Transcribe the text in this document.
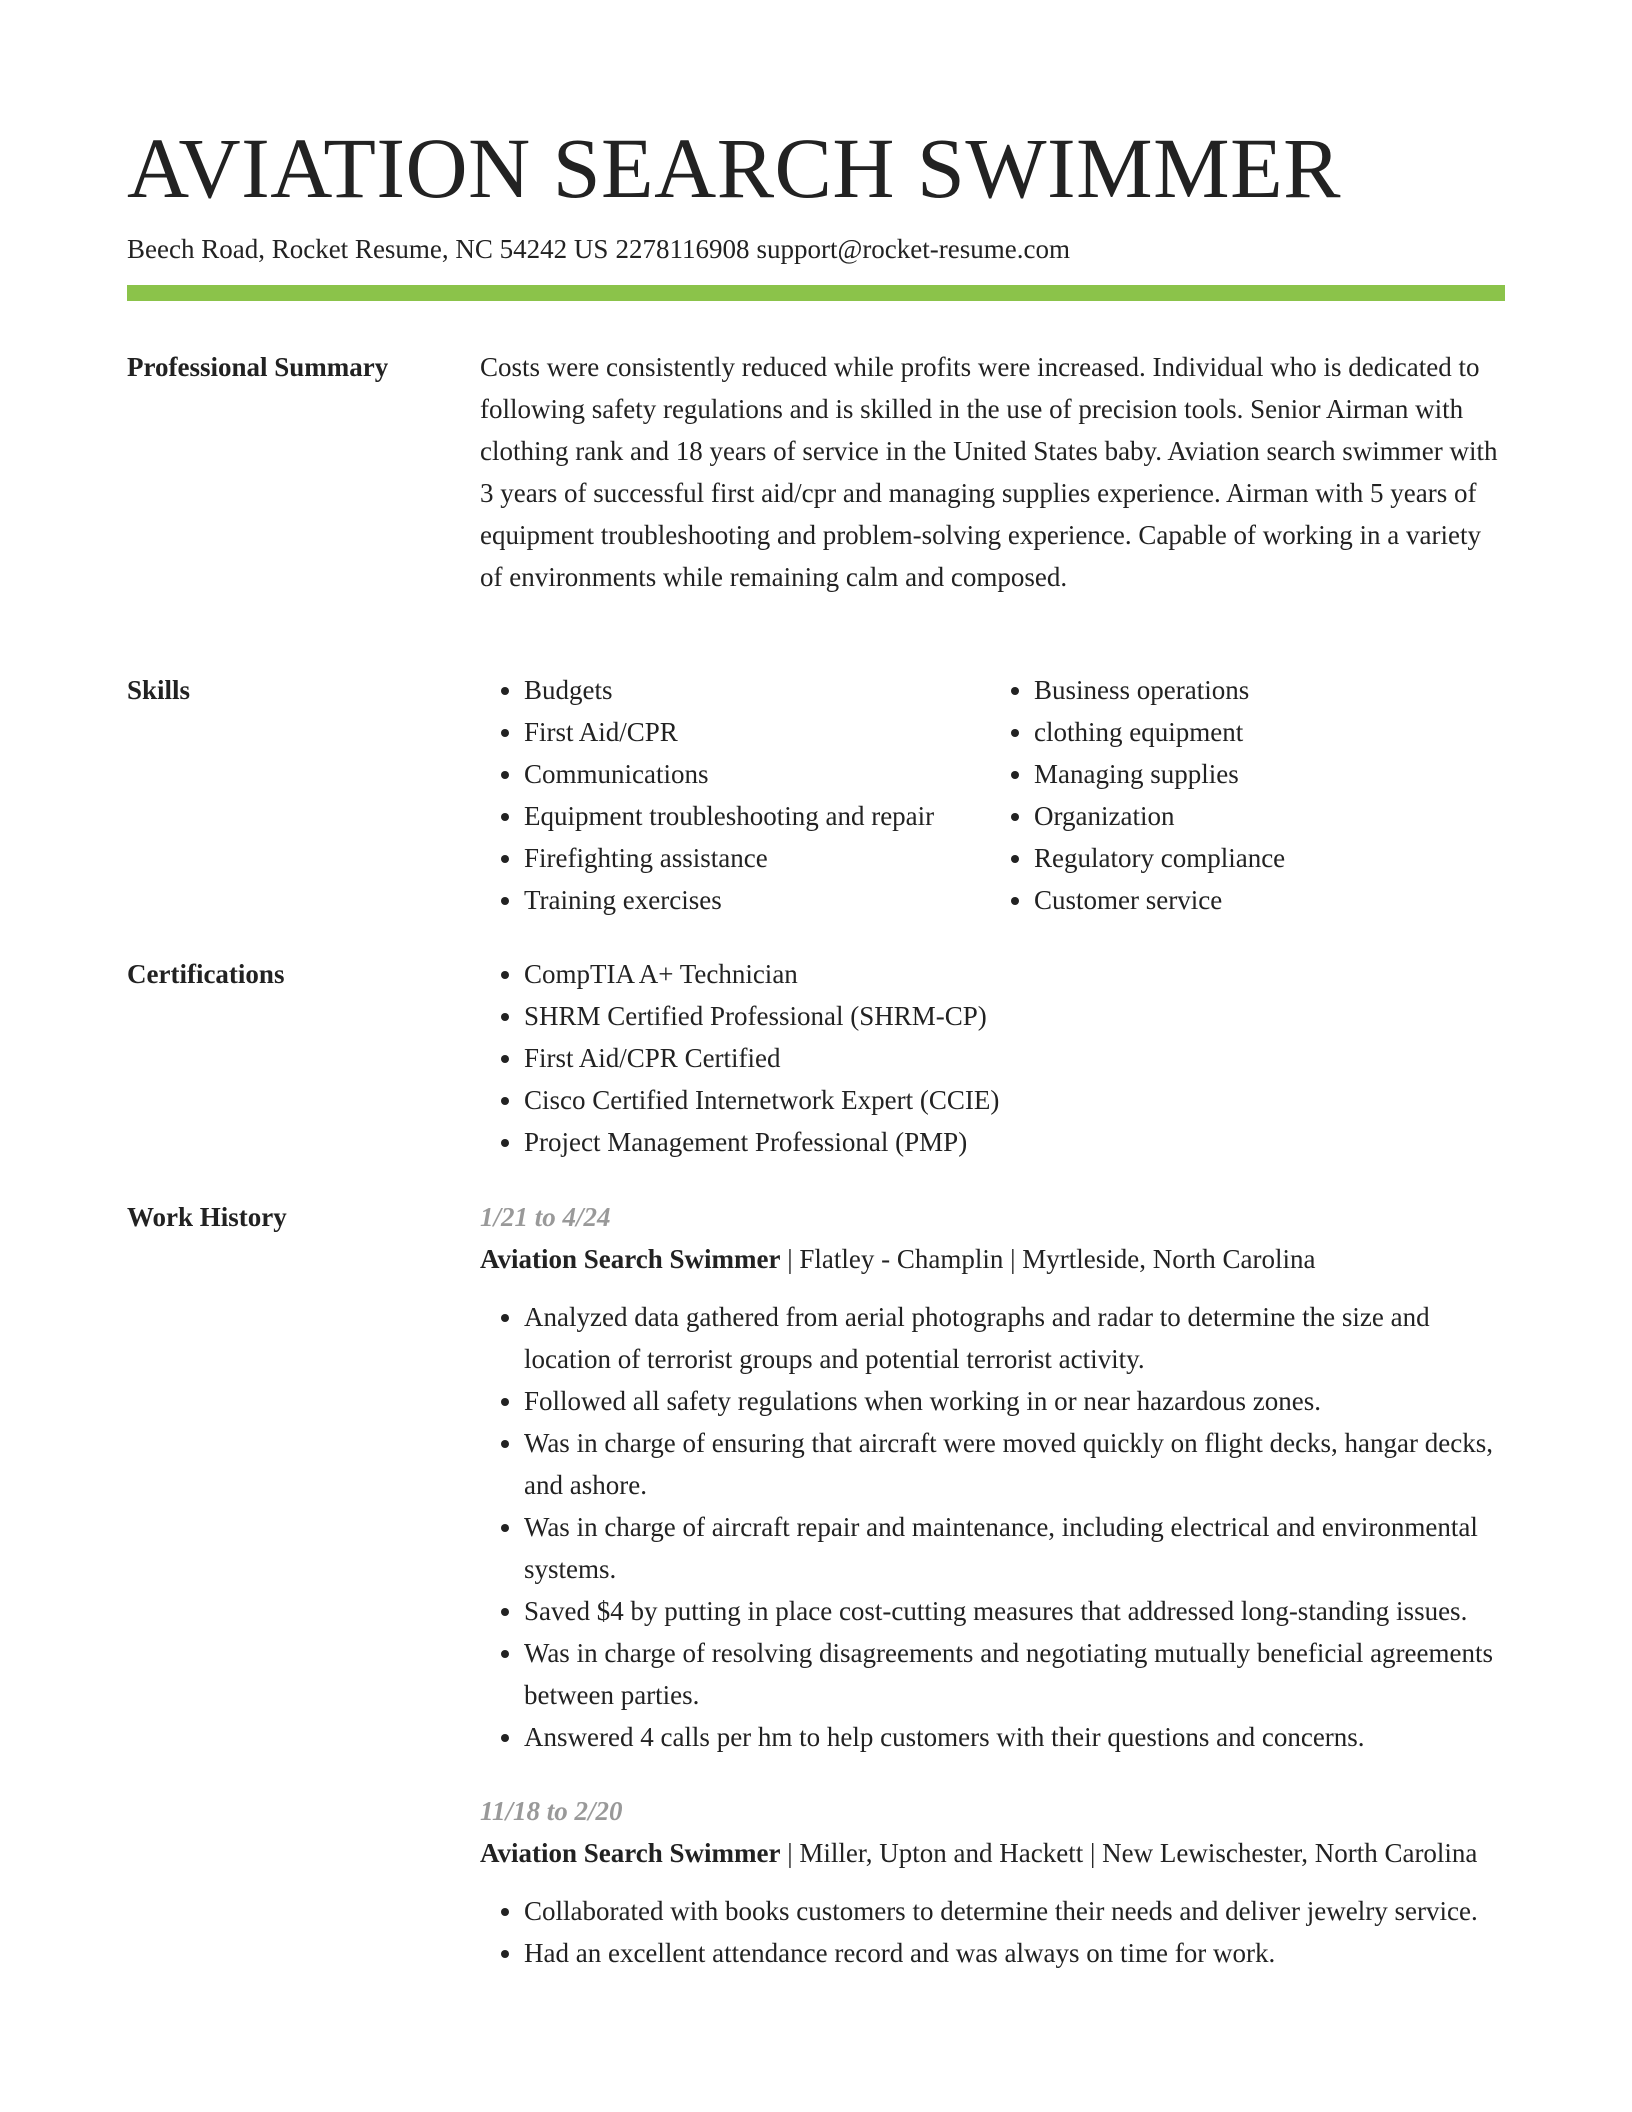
AVIATION SEARCH SWIMMER
Beech Road, Rocket Resume, NC 54242 US 2278116908 support@rocket-resume.com
Professional Summary	Costs were consistently reduced while profits were increased. Individual who is dedicated to following safety regulations and is skilled in the use of precision tools. Senior Airman with clothing rank and 18 years of service in the United States baby. Aviation search swimmer with 3 years of successful first aid/cpr and managing supplies experience. Airman with 5 years of equipment troubleshooting and problem-solving experience. Capable of working in a variety of environments while remaining calm and composed.

Skills	• Budgets
• First Aid/CPR
• Communications
• Equipment troubleshooting and repair
• Firefighting assistance
• Training exercises
• Business operations
• clothing equipment
• Managing supplies
• Organization
• Regulatory compliance
• Customer service
Certifications	• CompTIA A+ Technician
• SHRM Certified Professional (SHRM-CP)
• First Aid/CPR Certified
• Cisco Certified Internetwork Expert (CCIE)
• Project Management Professional (PMP)
Work History	1/21 to 4/24
Aviation Search Swimmer | Flatley - Champlin | Myrtleside, North Carolina
• Analyzed data gathered from aerial photographs and radar to determine the size and location of terrorist groups and potential terrorist activity.
• Followed all safety regulations when working in or near hazardous zones.
• Was in charge of ensuring that aircraft were moved quickly on flight decks, hangar decks, and ashore.
• Was in charge of aircraft repair and maintenance, including electrical and environmental systems.
• Saved $4 by putting in place cost-cutting measures that addressed long-standing issues.
• Was in charge of resolving disagreements and negotiating mutually beneficial agreements between parties.
• Answered 4 calls per hm to help customers with their questions and concerns.
11/18 to 2/20
Aviation Search Swimmer | Miller, Upton and Hackett | New Lewischester, North Carolina
• Collaborated with books customers to determine their needs and deliver jewelry service.
• Had an excellent attendance record and was always on time for work.
